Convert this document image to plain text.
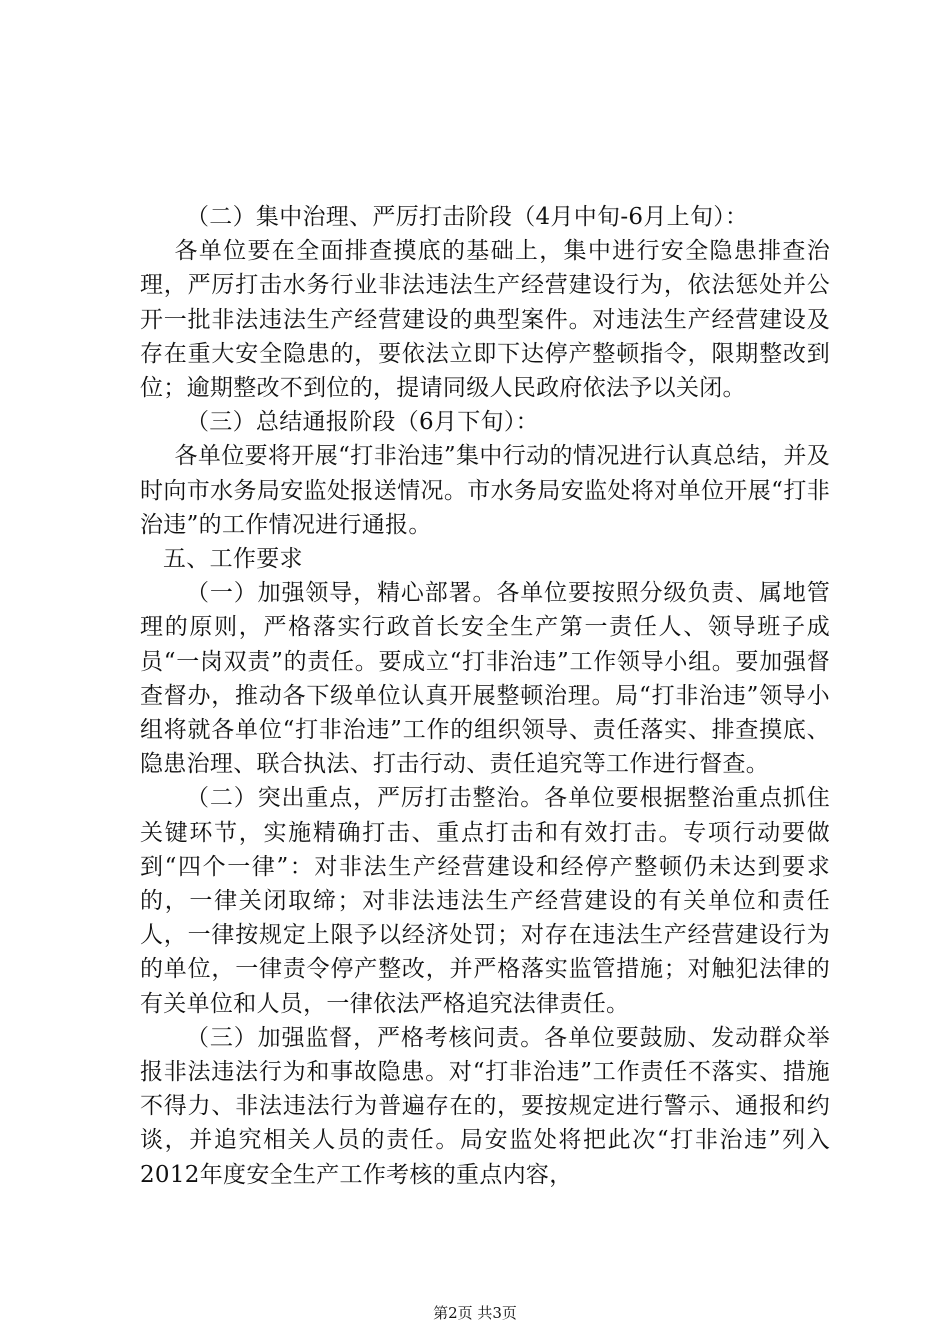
（二）集中治理、严厉打击阶段（4月中旬-6月上旬）：

各单位要在全面排查摸底的基础上，集中进行安全隐患排查治理，严厉打击水务行业非法违法生产经营建设行为，依法惩处并公开一批非法违法生产经营建设的典型案件。对违法生产经营建设及存在重大安全隐患的，要依法立即下达停产整顿指令，限期整改到位；逾期整改不到位的，提请同级人民政府依法予以关闭。

（三）总结通报阶段（6月下旬）：

各单位要将开展“打非治违”集中行动的情况进行认真总结，并及时向市水务局安监处报送情况。市水务局安监处将对单位开展“打非治违”的工作情况进行通报。

五、工作要求

（一）加强领导，精心部署。各单位要按照分级负责、属地管理的原则，严格落实行政首长安全生产第一责任人、领导班子成员“一岗双责”的责任。要成立“打非治违”工作领导小组。要加强督查督办，推动各下级单位认真开展整顿治理。局“打非治违”领导小组将就各单位“打非治违”工作的组织领导、责任落实、排查摸底、隐患治理、联合执法、打击行动、责任追究等工作进行督查。

（二）突出重点，严厉打击整治。各单位要根据整治重点抓住关键环节，实施精确打击、重点打击和有效打击。专项行动要做到“四个一律”：对非法生产经营建设和经停产整顿仍未达到要求的，一律关闭取缔；对非法违法生产经营建设的有关单位和责任人，一律按规定上限予以经济处罚；对存在违法生产经营建设行为的单位，一律责令停产整改，并严格落实监管措施；对触犯法律的有关单位和人员，一律依法严格追究法律责任。

（三）加强监督，严格考核问责。各单位要鼓励、发动群众举报非法违法行为和事故隐患。对“打非治违”工作责任不落实、措施不得力、非法违法行为普遍存在的，要按规定进行警示、通报和约谈，并追究相关人员的责任。局安监处将把此次“打非治违”列入2012年度安全生产工作考核的重点内容，

第2页 共3页
